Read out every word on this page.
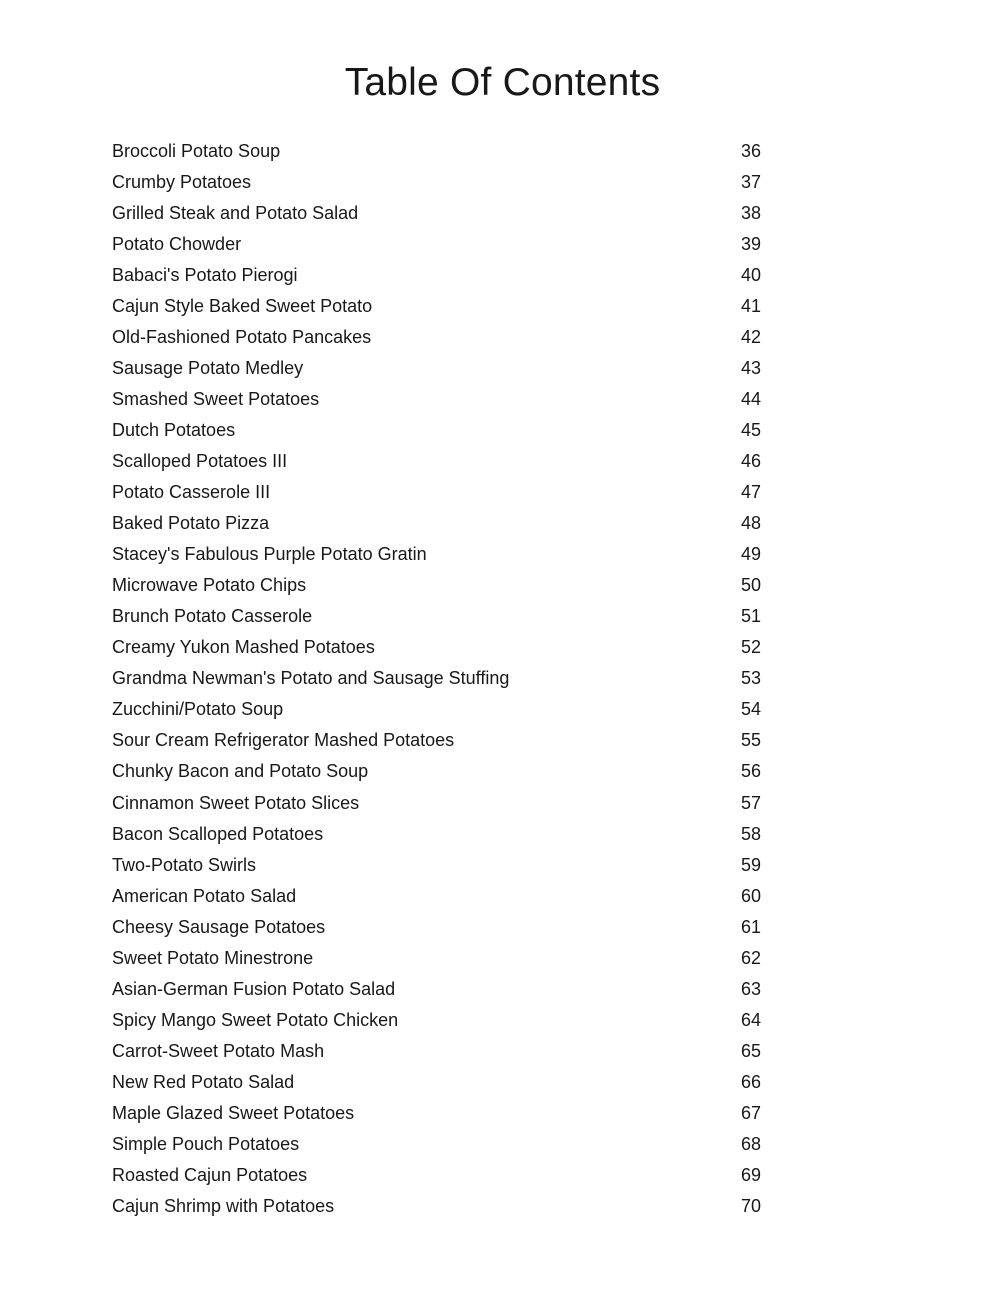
Table Of Contents
Broccoli Potato Soup	36
Crumby Potatoes	37
Grilled Steak and Potato Salad	38
Potato Chowder	39
Babaci's Potato Pierogi	40
Cajun Style Baked Sweet Potato	41
Old-Fashioned Potato Pancakes	42
Sausage Potato Medley	43
Smashed Sweet Potatoes	44
Dutch Potatoes	45
Scalloped Potatoes III	46
Potato Casserole III	47
Baked Potato Pizza	48
Stacey's Fabulous Purple Potato Gratin	49
Microwave Potato Chips	50
Brunch Potato Casserole	51
Creamy Yukon Mashed Potatoes	52
Grandma Newman's Potato and Sausage Stuffing	53
Zucchini/Potato Soup	54
Sour Cream Refrigerator Mashed Potatoes	55
Chunky Bacon and Potato Soup	56
Cinnamon Sweet Potato Slices	57
Bacon Scalloped Potatoes	58
Two-Potato Swirls	59
American Potato Salad	60
Cheesy Sausage Potatoes	61
Sweet Potato Minestrone	62
Asian-German Fusion Potato Salad	63
Spicy Mango Sweet Potato Chicken	64
Carrot-Sweet Potato Mash	65
New Red Potato Salad	66
Maple Glazed Sweet Potatoes	67
Simple Pouch Potatoes	68
Roasted Cajun Potatoes	69
Cajun Shrimp with Potatoes	70
